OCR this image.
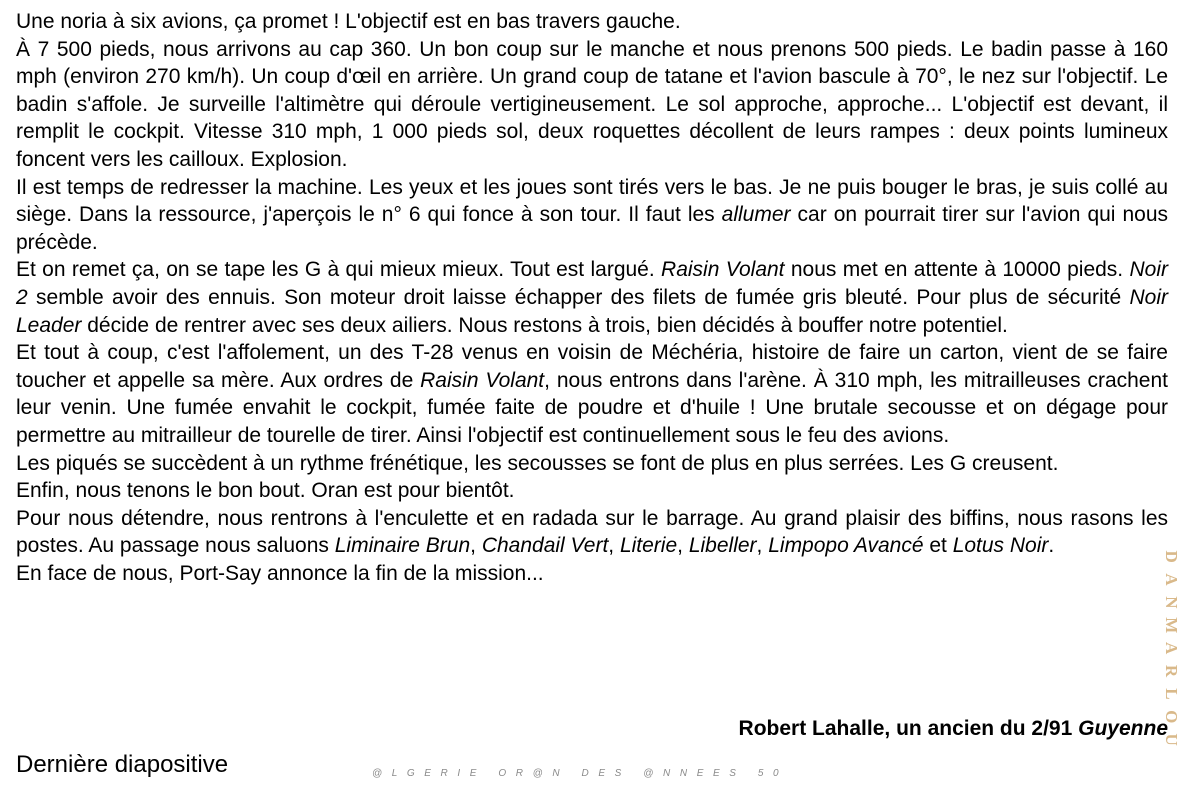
Une noria à six avions, ça promet ! L'objectif est en bas travers gauche.

À 7 500 pieds, nous arrivons au cap 360. Un bon coup sur le manche et nous prenons 500 pieds. Le badin passe à 160 mph (environ 270 km/h). Un coup d'œil en arrière. Un grand coup de tatane et l'avion bascule à 70°, le nez sur l'objectif. Le badin s'affole. Je surveille l'altimètre qui déroule vertigineusement. Le sol approche, approche... L'objectif est devant, il remplit le cockpit. Vitesse 310 mph, 1 000 pieds sol, deux roquettes décollent de leurs rampes : deux points lumineux foncent vers les cailloux. Explosion.

Il est temps de redresser la machine. Les yeux et les joues sont tirés vers le bas. Je ne puis bouger le bras, je suis collé au siège. Dans la ressource, j'aperçois le n° 6 qui fonce à son tour. Il faut les allumer car on pourrait tirer sur l'avion qui nous précède.

Et on remet ça, on se tape les G à qui mieux mieux. Tout est largué. Raisin Volant nous met en attente à 10000 pieds. Noir 2 semble avoir des ennuis. Son moteur droit laisse échapper des filets de fumée gris bleuté. Pour plus de sécurité Noir Leader décide de rentrer avec ses deux ailiers. Nous restons à trois, bien décidés à bouffer notre potentiel.

Et tout à coup, c'est l'affolement, un des T-28 venus en voisin de Méchéria, histoire de faire un carton, vient de se faire toucher et appelle sa mère. Aux ordres de Raisin Volant, nous entrons dans l'arène. À 310 mph, les mitrailleuses crachent leur venin. Une fumée envahit le cockpit, fumée faite de poudre et d'huile ! Une brutale secousse et on dégage pour permettre au mitrailleur de tourelle de tirer. Ainsi l'objectif est continuellement sous le feu des avions.

Les piqués se succèdent à un rythme frénétique, les secousses se font de plus en plus serrées. Les G creusent.

Enfin, nous tenons le bon bout. Oran est pour bientôt.

Pour nous détendre, nous rentrons à l'enculette et en radada sur le barrage. Au grand plaisir des biffins, nous rasons les postes. Au passage nous saluons Liminaire Brun, Chandail Vert, Literie, Libeller, Limpopo Avancé et Lotus Noir.

En face de nous, Port-Say annonce la fin de la mission...

Robert Lahalle, un ancien du 2/91 Guyenne
Dernière diapositive	@LGERIE OR@N DES @NNEES 50
D
A
N
M
A
R
L
O
U
